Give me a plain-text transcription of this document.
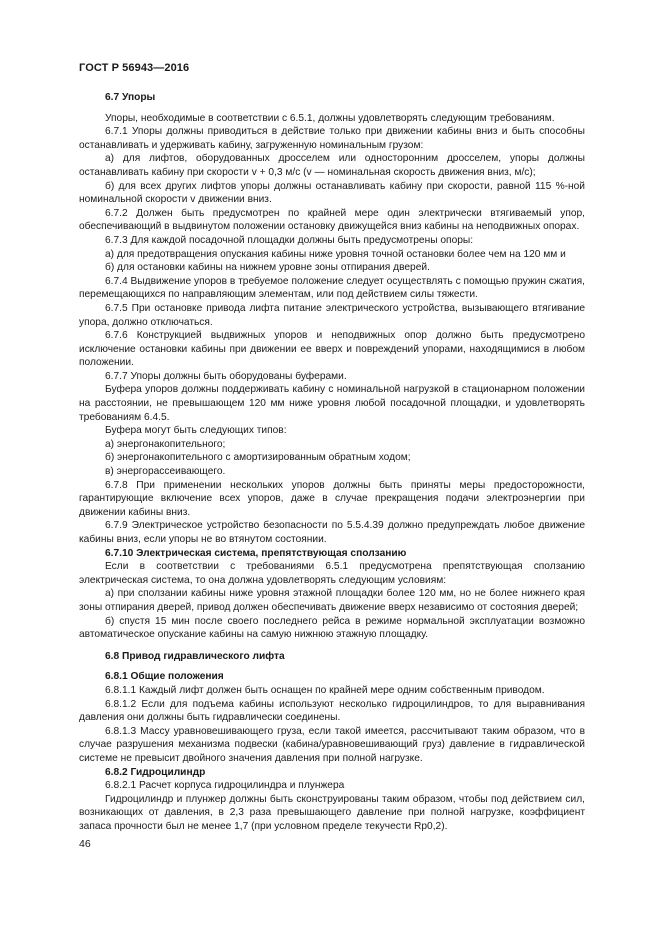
ГОСТ Р 56943—2016
6.7 Упоры

Упоры, необходимые в соответствии с 6.5.1, должны удовлетворять следующим требованиям.

6.7.1 Упоры должны приводиться в действие только при движении кабины вниз и быть способны останавливать и удерживать кабину, загруженную номинальным грузом:

а) для лифтов, оборудованных дросселем или односторонним дросселем, упоры должны останавливать кабину при скорости v + 0,3 м/с (v — номинальная скорость движения вниз, м/с);

б) для всех других лифтов упоры должны останавливать кабину при скорости, равной 115 %-ной номинальной скорости v движении вниз.

6.7.2 Должен быть предусмотрен по крайней мере один электрически втягиваемый упор, обеспечивающий в выдвинутом положении остановку движущейся вниз кабины на неподвижных опорах.

6.7.3 Для каждой посадочной площадки должны быть предусмотрены опоры:

а) для предотвращения опускания кабины ниже уровня точной остановки более чем на 120 мм и

б) для остановки кабины на нижнем уровне зоны отпирания дверей.

6.7.4 Выдвижение упоров в требуемое положение следует осуществлять с помощью пружин сжатия, перемещающихся по направляющим элементам, или под действием силы тяжести.

6.7.5 При остановке привода лифта питание электрического устройства, вызывающего втягивание упора, должно отключаться.

6.7.6 Конструкцией выдвижных упоров и неподвижных опор должно быть предусмотрено исключение остановки кабины при движении ее вверх и повреждений упорами, находящимися в любом положении.

6.7.7 Упоры должны быть оборудованы буферами.

Буфера упоров должны поддерживать кабину с номинальной нагрузкой в стационарном положении на расстоянии, не превышающем 120 мм ниже уровня любой посадочной площадки, и удовлетворять требованиям 6.4.5.

Буфера могут быть следующих типов:

а) энергонакопительного;

б) энергонакопительного с амортизированным обратным ходом;

в) энергорассеивающего.

6.7.8 При применении нескольких упоров должны быть приняты меры предосторожности, гарантирующие включение всех упоров, даже в случае прекращения подачи электроэнергии при движении кабины вниз.

6.7.9 Электрическое устройство безопасности по 5.5.4.39 должно предупреждать любое движение кабины вниз, если упоры не во втянутом состоянии.

6.7.10 Электрическая система, препятствующая сползанию

Если в соответствии с требованиями 6.5.1 предусмотрена препятствующая сползанию электрическая система, то она должна удовлетворять следующим условиям:

а) при сползании кабины ниже уровня этажной площадки более 120 мм, но не более нижнего края зоны отпирания дверей, привод должен обеспечивать движение вверх независимо от состояния дверей;

б) спустя 15 мин после своего последнего рейса в режиме нормальной эксплуатации возможно автоматическое опускание кабины на самую нижнюю этажную площадку.

6.8 Привод гидравлического лифта
6.8.1 Общие положения

6.8.1.1 Каждый лифт должен быть оснащен по крайней мере одним собственным приводом.

6.8.1.2 Если для подъема кабины используют несколько гидроцилиндров, то для выравнивания давления они должны быть гидравлически соединены.

6.8.1.3 Массу уравновешивающего груза, если такой имеется, рассчитывают таким образом, что в случае разрушения механизма подвески (кабина/уравновешивающий груз) давление в гидравлической системе не превысит двойного значения давления при полной нагрузке.

6.8.2 Гидроцилиндр

6.8.2.1 Расчет корпуса гидроцилиндра и плунжера

Гидроцилиндр и плунжер должны быть сконструированы таким образом, чтобы под действием сил, возникающих от давления, в 2,3 раза превышающего давление при полной нагрузке, коэффициент запаса прочности был не менее 1,7 (при условном пределе текучести Rp0,2).

46
